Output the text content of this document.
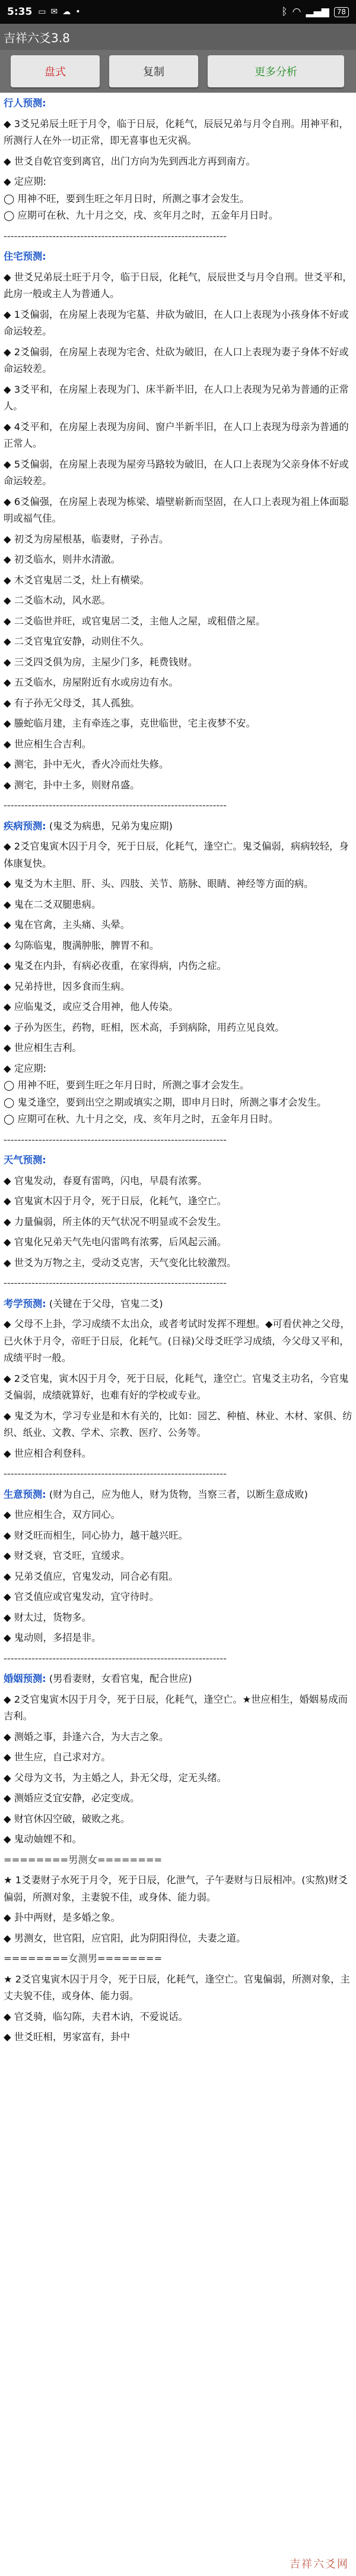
5:35 ▭ ✉ ☁ •	ᛒ ◠ ▂▄▆	78
吉祥六爻3.8
盘式	复制	更多分析

行人预测:

◆ 3爻兄弟辰土旺于月令，临于日辰，化耗气，辰辰兄弟与月令自刑。用神平和，所测行人在外一切正常，即无喜事也无灾祸。

◆ 世爻自乾官变到离官，出门方向为先到西北方再到南方。

◆ 定应期:

◯ 用神不旺，要到生旺之年月日时，所测之事才会发生。

◯ 应期可在秋、九十月之交，戌、亥年月之时，五金年月日时。

----------------------------------------------------------------

住宅预测:

◆ 世爻兄弟辰土旺于月令，临于日辰，化耗气，辰辰世爻与月令自刑。世爻平和，此房一般或主人为普通人。

◆ 1爻偏弱，在房屋上表现为宅墓、井砍为破旧，在人口上表现为小孩身体不好或命运较差。

◆ 2爻偏弱，在房屋上表现为宅舍、灶砍为破旧，在人口上表现为妻子身体不好或命运较差。

◆ 3爻平和，在房屋上表现为门、床半新半旧，在人口上表现为兄弟为普通的正常人。

◆ 4爻平和，在房屋上表现为房间、窗户半新半旧，在人口上表现为母亲为普通的正常人。

◆ 5爻偏弱，在房屋上表现为屋旁马路较为破旧，在人口上表现为父亲身体不好或命运较差。

◆ 6爻偏强，在房屋上表现为栋梁、墙壁崭新而坚固，在人口上表现为祖上体面聪明或福气佳。

◆ 初爻为房屋根基，临妻财，子孙吉。

◆ 初爻临水，则井水清澈。

◆ 木爻官鬼居二爻，灶上有横梁。

◆ 二爻临木动，风水恶。

◆ 二爻临世并旺，或官鬼居二爻，主他人之屋，或租借之屋。

◆ 二爻官鬼宜安静，动则住不久。

◆ 三爻四爻俱为房，主屋少门多，耗费钱财。

◆ 五爻临水，房屋附近有水或房边有水。

◆ 有子孙无父母爻，其人孤独。

◆ 螣蛇临月建，主有牵连之事，克世临世，宅主夜梦不安。

◆ 世应相生合吉利。

◆ 测宅，卦中无火，香火冷而灶失修。

◆ 测宅，卦中土多，则财帛盛。

----------------------------------------------------------------

疾病预测: (鬼爻为病患，兄弟为鬼应期)

◆ 2爻官鬼寅木囚于月令，死于日辰，化耗气，逢空亡。鬼爻偏弱，病病较轻，身体康复快。

◆ 鬼爻为木主胆、肝、头、四肢、关节、筋脉、眼睛、神经等方面的病。

◆ 鬼在二爻双腿患病。

◆ 鬼在官禽，主头痛、头晕。

◆ 勾陈临鬼，腹满肿胀，脾胃不和。

◆ 鬼爻在内卦，有病必夜重，在家得病，内伤之症。

◆ 兄弟持世，因多食而生病。

◆ 应临鬼爻，或应爻合用神，他人传染。

◆ 子孙为医生，药物，旺相，医术高，手到病除，用药立见良效。

◆ 世应相生吉利。

◆ 定应期:

◯ 用神不旺，要到生旺之年月日时，所测之事才会发生。

◯ 鬼爻逢空，要到出空之期或填实之期，即申月日时，所测之事才会发生。

◯ 应期可在秋、九十月之交，戌、亥年月之时，五金年月日时。

----------------------------------------------------------------

天气预测:

◆ 官鬼发动，春夏有雷鸣，闪电，早晨有浓雾。

◆ 官鬼寅木囚于月令，死于日辰，化耗气，逢空亡。

◆ 力量偏弱，所主体的天气状况不明显或不会发生。

◆ 官鬼化兄弟天气先电闪雷鸣有浓雾，后风起云涌。

◆ 世爻为万物之主，受动爻克害，天气变化比较激烈。

----------------------------------------------------------------

考学预测: (关键在于父母，官鬼二爻)

◆ 父母不上卦，学习成绩不太出众，或者考试时发挥不理想。◆可看伏神之父母，已火休于月令，帝旺于日辰，化耗气。(日禄)父母爻旺学习成绩，今父母又平和，成绩平时一般。

◆ 2爻官鬼，寅木囚于月令，死于日辰，化耗气，逢空亡。官鬼爻主功名，今官鬼爻偏弱，成绩就算好，也难有好的学校或专业。

◆ 鬼爻为木，学习专业是和木有关的，比如：园艺、种植、林业、木材、家俱、纺织、纸业、文教、学术、宗教、医疗、公务等。

◆ 世应相合利登科。

----------------------------------------------------------------

生意预测: (财为自己，应为他人，财为货物，当察三者，以断生意成败)

◆ 世应相生合，双方同心。

◆ 财爻旺而相生，同心协力，越干越兴旺。

◆ 财爻衰，官爻旺，宜缓求。

◆ 兄弟爻值应，官鬼发动，同合必有阻。

◆ 官爻值应或官鬼发动，宜守待时。

◆ 财太过，货物多。

◆ 鬼动则，多招是非。

----------------------------------------------------------------

婚姻预测: (男看妻财，女看官鬼，配合世应)

◆ 2爻官鬼寅木囚于月令，死于日辰，化耗气，逢空亡。★世应相生，婚姻易成而吉利。

◆ 测婚之事，卦逢六合，为大吉之象。

◆ 世生应，自己求对方。

◆ 父母为文书，为主婚之人，卦无父母，定无头绪。

◆ 测婚应爻宜安静，必定变成。

◆ 财官休囚空破，破败之兆。

◆ 鬼动妯娌不和。

========男测女========

★ 1爻妻财子水死于月令，死于日辰，化泄气，子午妻财与日辰相冲。(实熬)财爻偏弱，所测对象，主妻貌不佳，或身体、能力弱。

◆ 卦中两财，是多婚之象。

◆ 男测女，世官阳，应官阳，此为阴阳得位，夫妻之道。

========女测男========

★ 2爻官鬼寅木囚于月令，死于日辰，化耗气，逢空亡。官鬼偏弱，所测对象，主丈夫貌不佳，或身体、能力弱。

◆ 官爻骑，临勾陈，夫君木讷，不爱说话。

◆ 世爻旺相，男家富有，卦中

吉祥六爻网
